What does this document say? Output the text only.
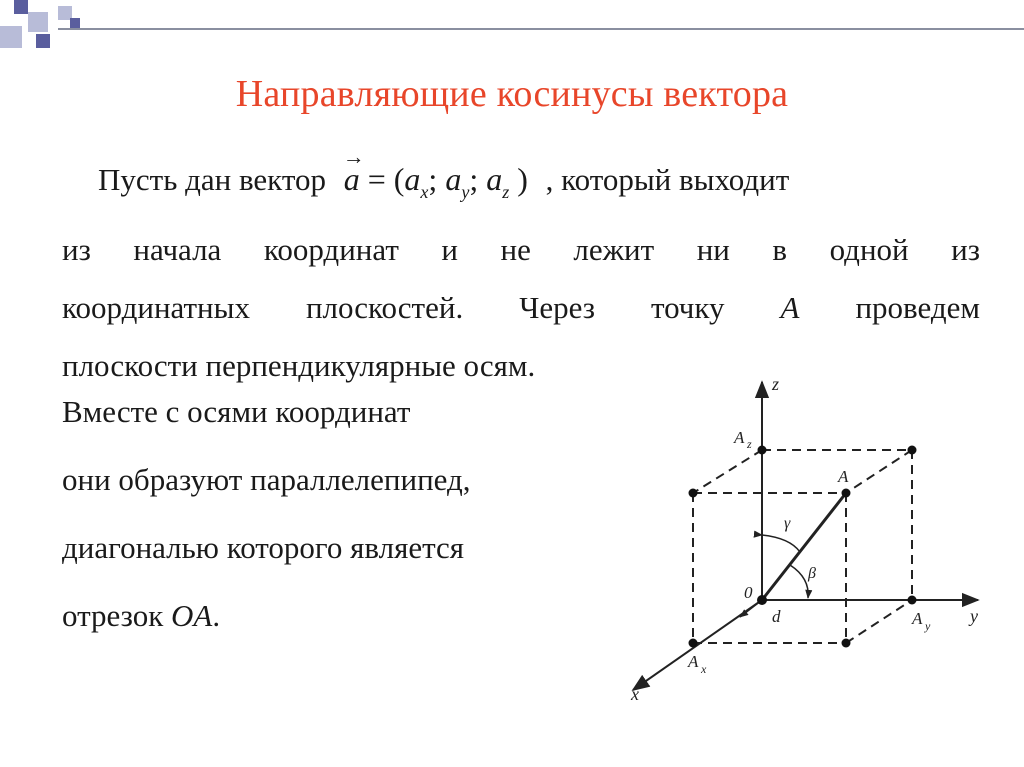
Направляющие косинусы вектора
Пусть дан вектор → $a = (a_x$; $a_y$; $a_z$ ) , который выходит
из начала координат и не лежит ни в одной из
координатных плоскостей. Через точку A проведем
плоскости перпендикулярные осям.
Вместе с осями координат
они образуют параллелепипед,
диагональю которого является
отрезок OA.
z
y
x
A z
A
A y
A x
0
γ
β
d
